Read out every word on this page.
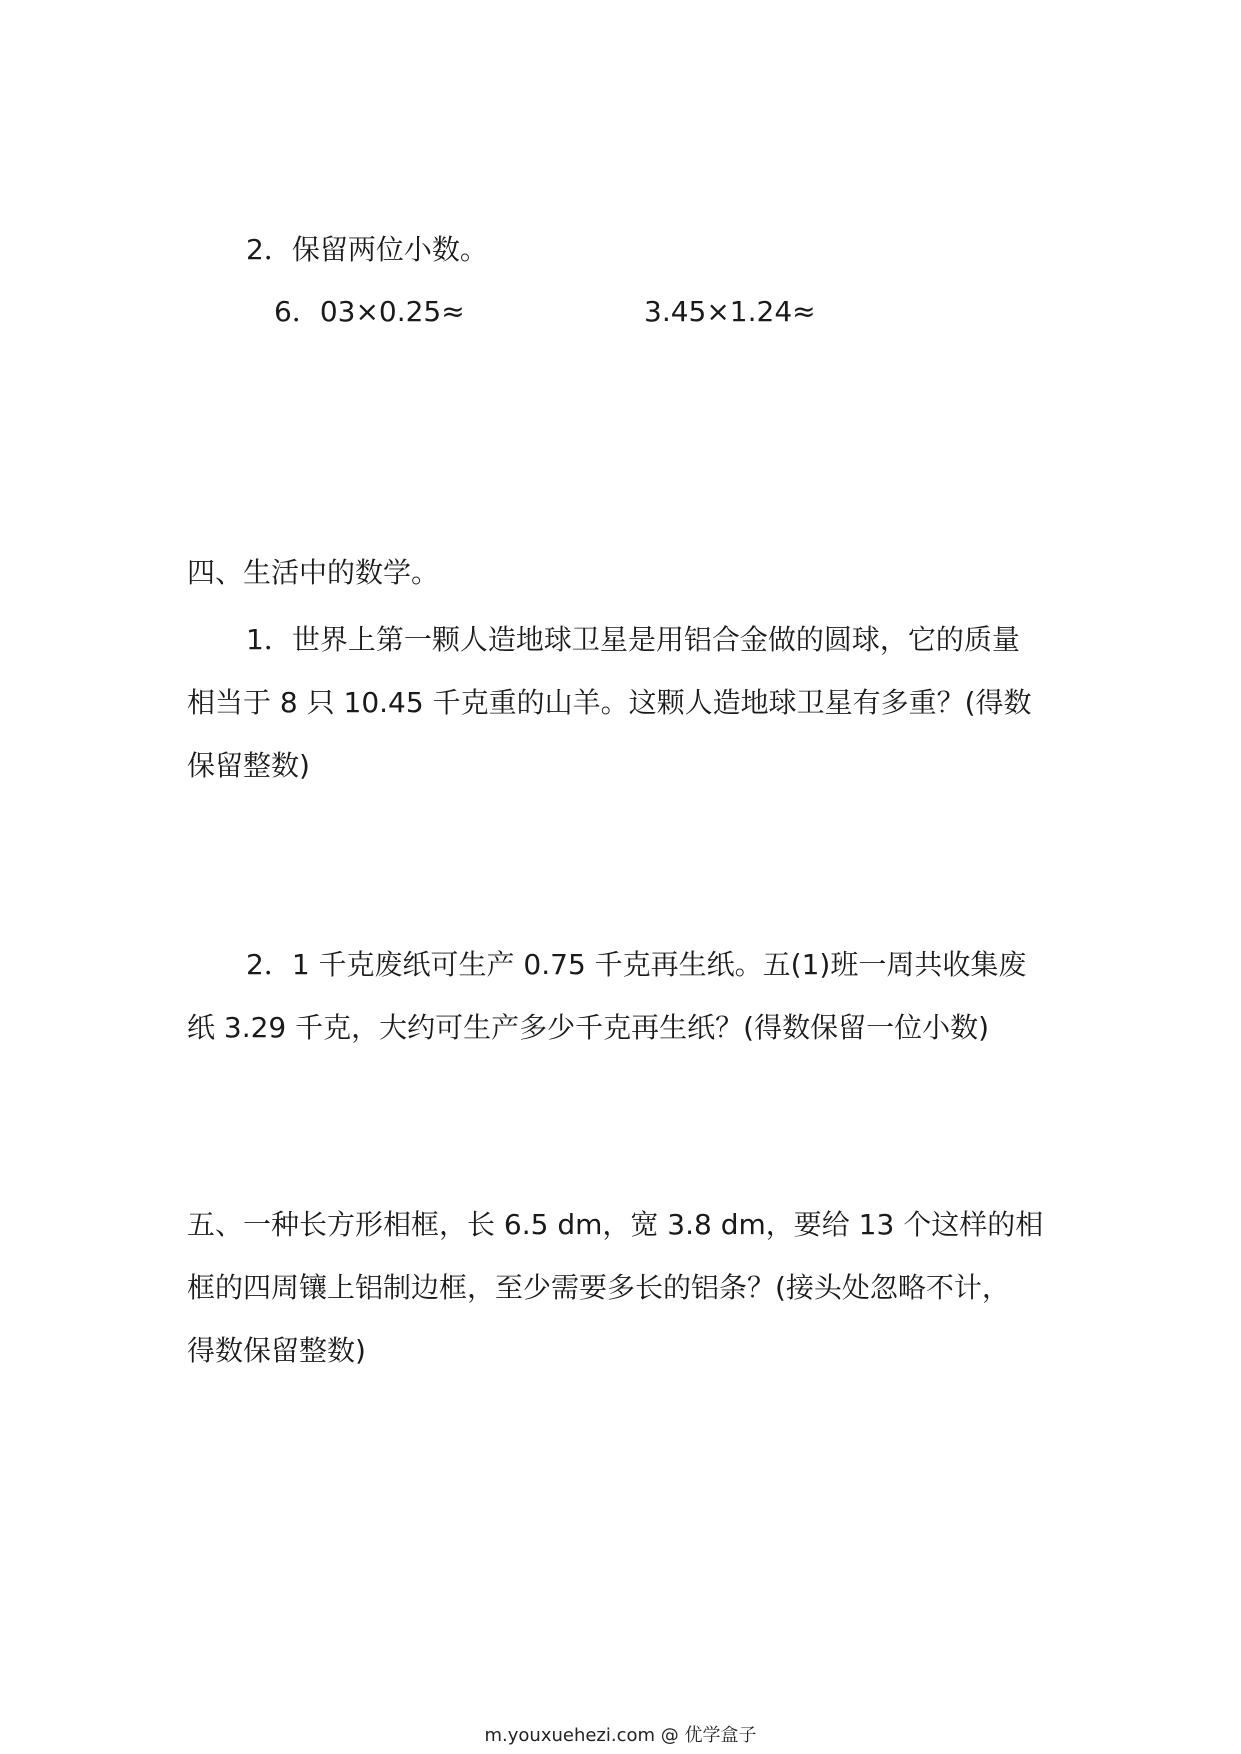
2．保留两位小数。
6．03×0.25≈	3.45×1.24≈
四、生活中的数学。
1．世界上第一颗人造地球卫星是用铝合金做的圆球，它的质量
相当于 8 只 10.45 千克重的山羊。这颗人造地球卫星有多重？(得数
保留整数)
2．1 千克废纸可生产 0.75 千克再生纸。五(1)班一周共收集废
纸 3.29 千克，大约可生产多少千克再生纸？(得数保留一位小数)
五、一种长方形相框，长 6.5 dm，宽 3.8 dm，要给 13 个这样的相
框的四周镶上铝制边框，至少需要多长的铝条？(接头处忽略不计，
得数保留整数)
m.youxuehezi.com @ 优学盒子
